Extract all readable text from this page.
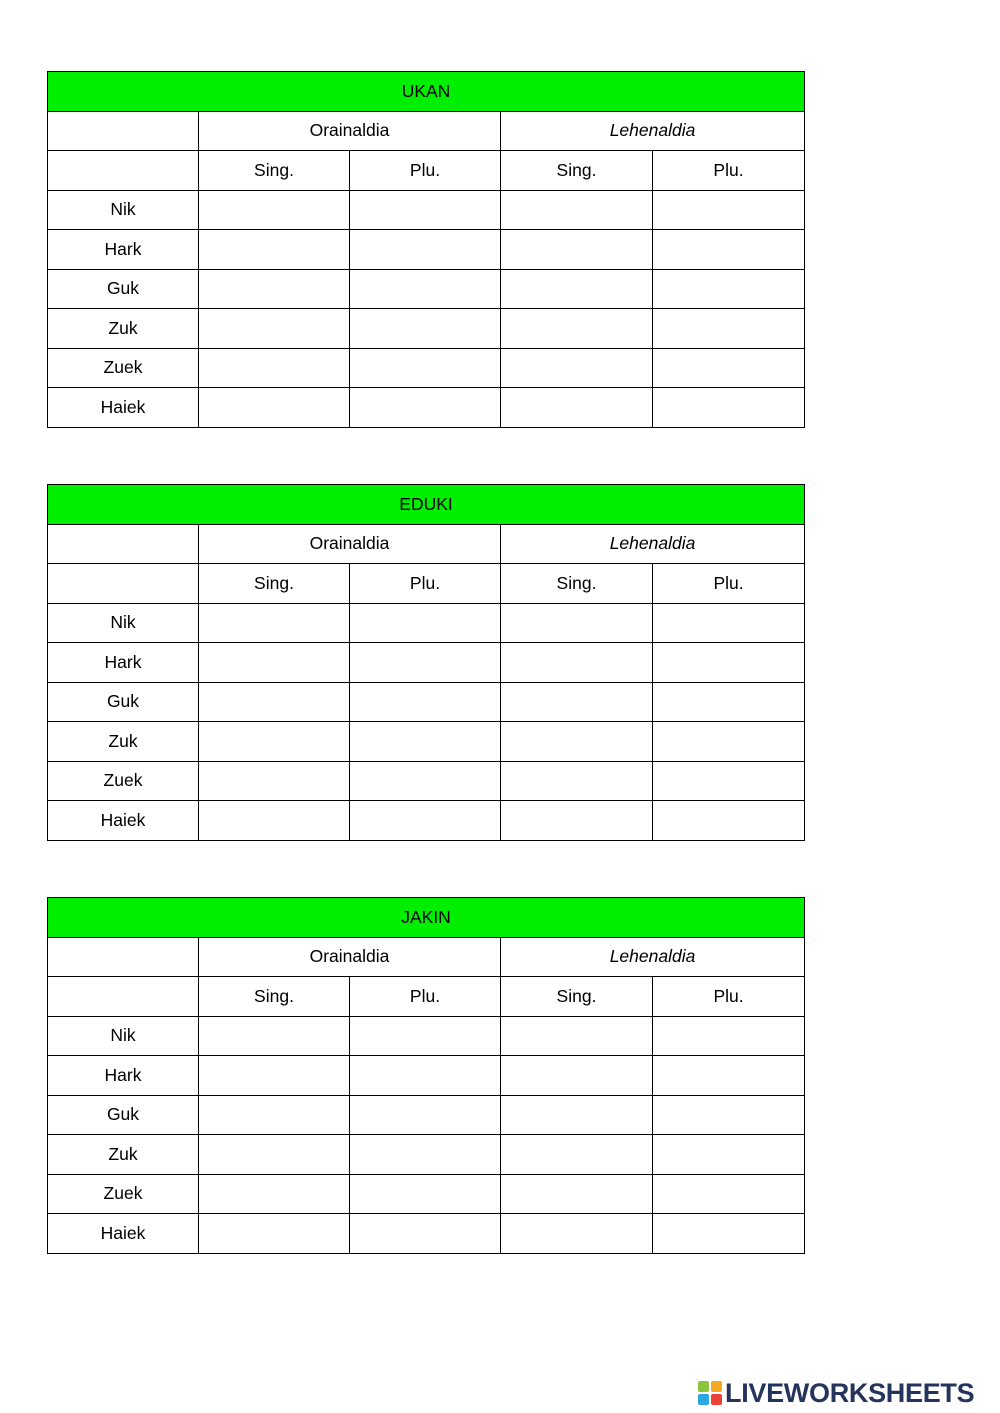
UKAN				
	Orainaldia		Lehenaldia	
	Sing.	Plu.	Sing.	Plu.
Nik				
Hark				
Guk				
Zuk				
Zuek				
Haiek				
EDUKI				
	Orainaldia		Lehenaldia	
	Sing.	Plu.	Sing.	Plu.
Nik				
Hark				
Guk				
Zuk				
Zuek				
Haiek				
JAKIN				
	Orainaldia		Lehenaldia	
	Sing.	Plu.	Sing.	Plu.
Nik				
Hark				
Guk				
Zuk				
Zuek				
Haiek				
LIVEWORKSHEETS
